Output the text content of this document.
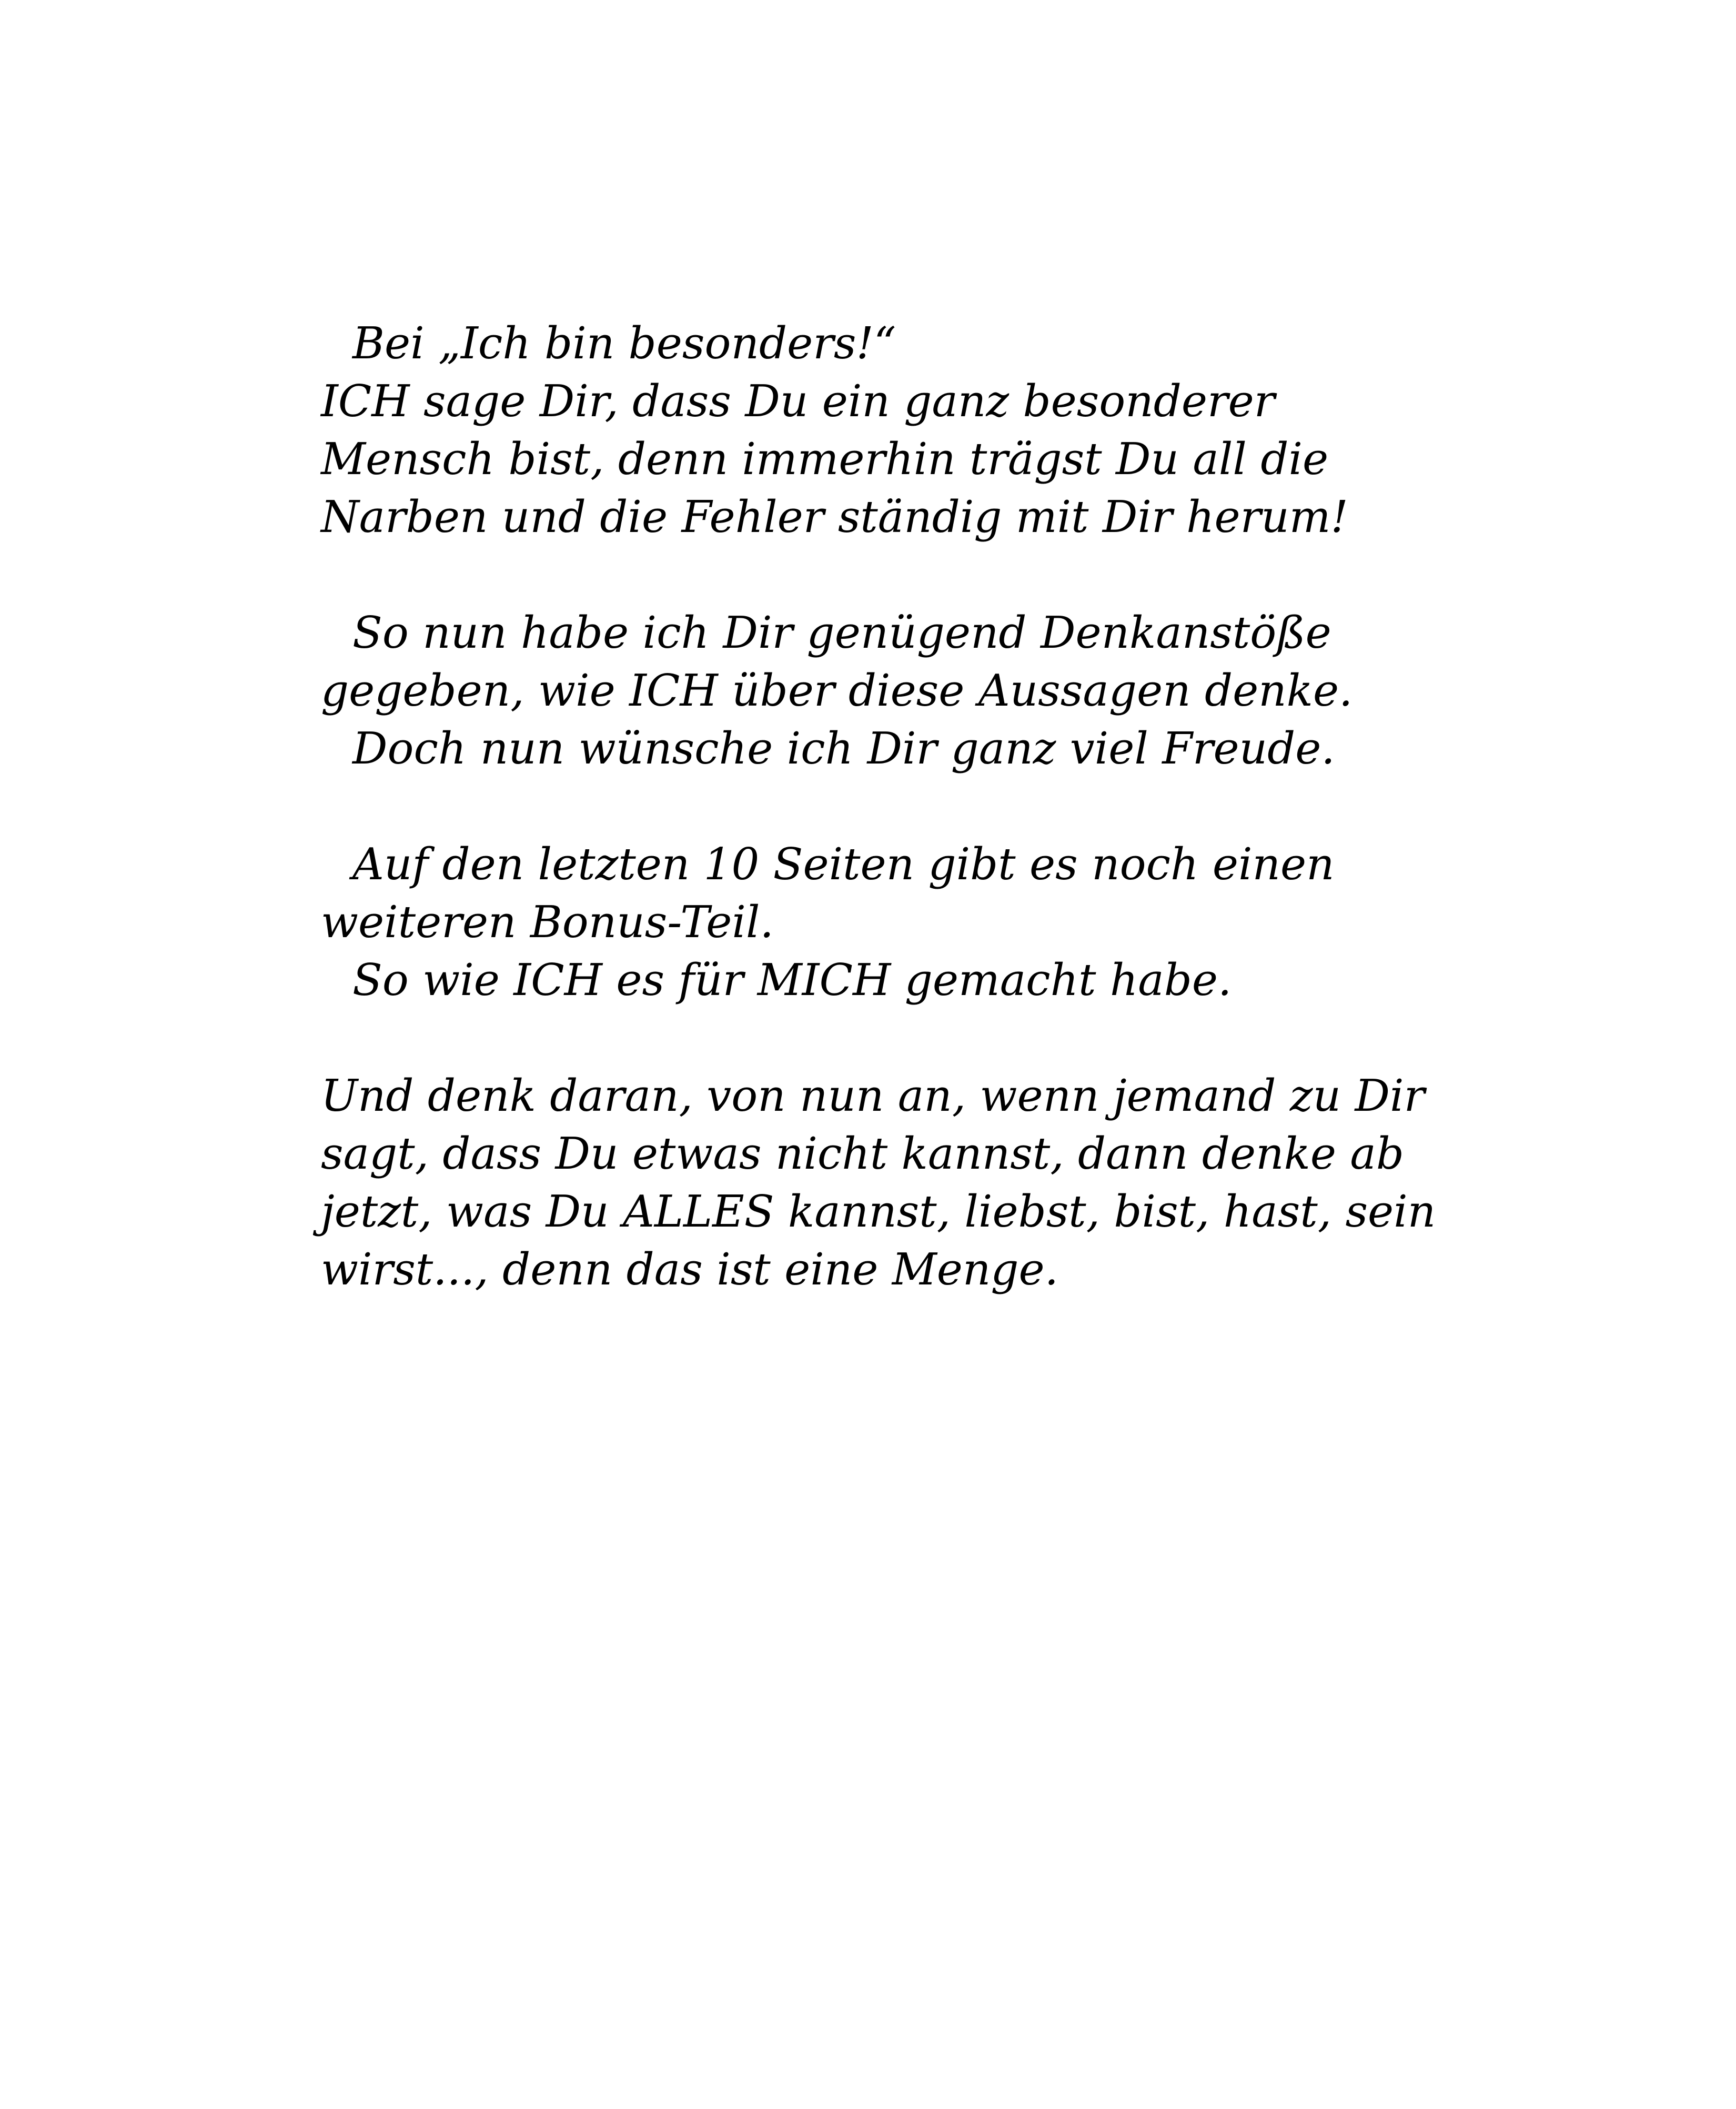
Bei „Ich bin besonders!“
ICH sage Dir, dass Du ein ganz besonderer
Mensch bist, denn immerhin trägst Du all die
Narben und die Fehler ständig mit Dir herum!
So nun habe ich Dir genügend Denkanstöße
gegeben, wie ICH über diese Aussagen denke.
Doch nun wünsche ich Dir ganz viel Freude.
Auf den letzten 10 Seiten gibt es noch einen
weiteren Bonus-Teil.
So wie ICH es für MICH gemacht habe.
Und denk daran, von nun an, wenn jemand zu Dir
sagt, dass Du etwas nicht kannst, dann denke ab
jetzt, was Du ALLES kannst, liebst, bist, hast, sein
wirst..., denn das ist eine Menge.
